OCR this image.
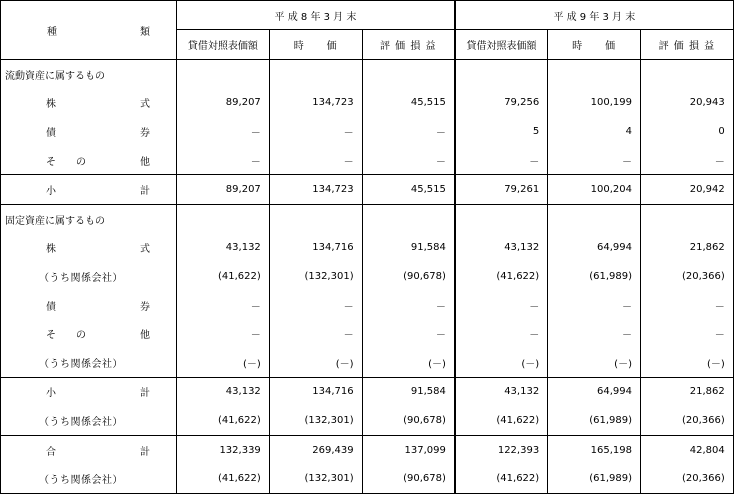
種 類	平 成 8 年 3 月 末			平 成 9 年 3 月 末		
	貸借対照表価額	時　　価	評 価 損 益	貸借対照表価額	時　　価	評 価 損 益
流動資産に属するもの						

株 式	89,207	134,723	45,515	79,256	100,199	20,943

債 券	－	－	－	5	4	0

そ　　の 他	－	－	－	－	－	－

小 計	89,207	134,723	45,515	79,261	100,204	20,942
固定資産に属するもの						

株 式	43,132	134,716	91,584	43,132	64,994	21,862
（うち関係会社）	(41,622)	(132,301)	(90,678)	(41,622)	(61,989)	(20,366)

債 券	－	－	－	－	－	－

そ　　の 他	－	－	－	－	－	－
（うち関係会社）	(－)	(－)	(－)	(－)	(－)	(－)

小 計	43,132	134,716	91,584	43,132	64,994	21,862
（うち関係会社）	(41,622)	(132,301)	(90,678)	(41,622)	(61,989)	(20,366)

合 計	132,339	269,439	137,099	122,393	165,198	42,804
（うち関係会社）	(41,622)	(132,301)	(90,678)	(41,622)	(61,989)	(20,366)
